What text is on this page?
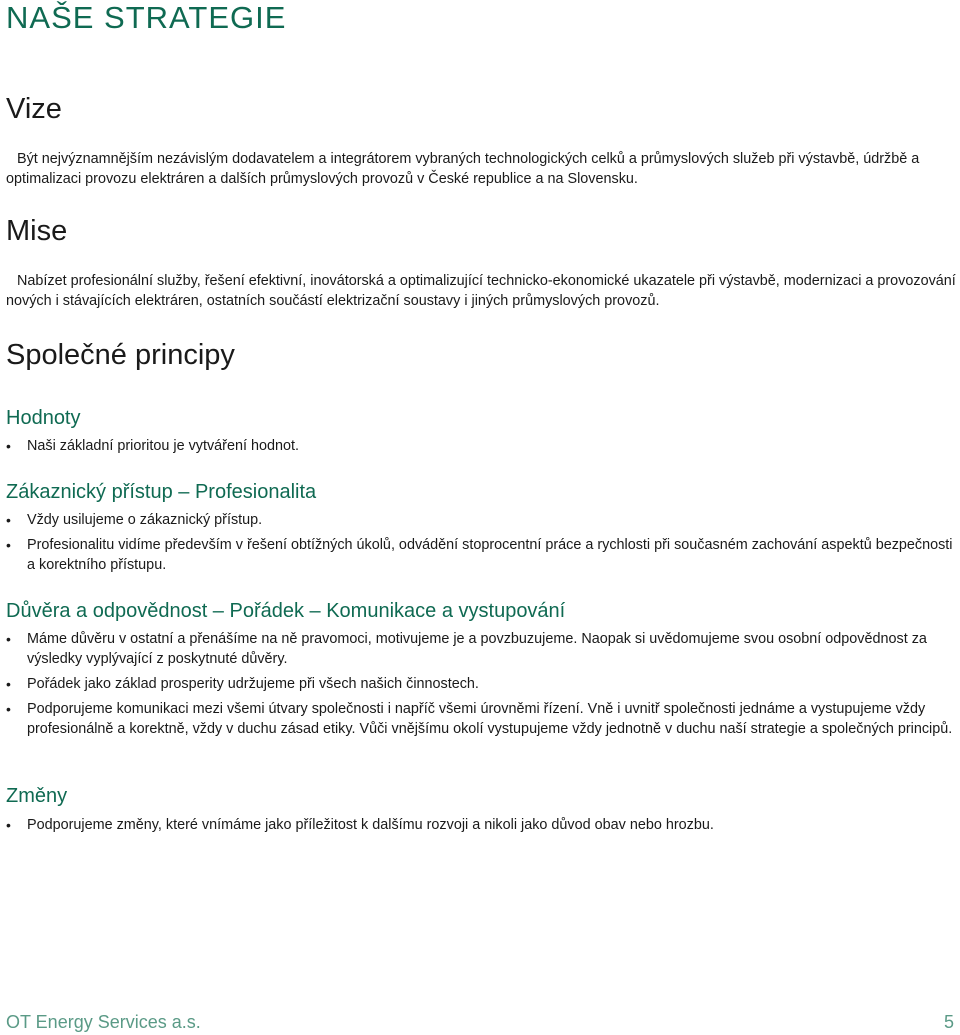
NAŠE STRATEGIE
Vize

Být nejvýznamnějším nezávislým dodavatelem a integrátorem vybraných technologických celků a průmyslových služeb při výstavbě, údržbě a optimalizaci provozu elektráren a dalších průmyslových provozů v České republice a na Slovensku.

Mise

Nabízet profesionální služby, řešení efektivní, inovátorská a optimalizující technicko-ekonomické ukazatele při výstavbě, modernizaci a provozování nových i stávajících elektráren, ostatních součástí elektrizační soustavy i jiných průmyslových provozů.

Společné principy
Hodnoty
• Naši základní prioritou je vytváření hodnot.
Zákaznický přístup – Profesionalita
• Vždy usilujeme o zákaznický přístup.
• Profesionalitu vidíme především v řešení obtížných úkolů, odvádění stoprocentní práce a rychlosti při současném zachování aspektů bezpečnosti a korektního přístupu.
Důvěra a odpovědnost – Pořádek – Komunikace a vystupování
• Máme důvěru v ostatní a přenášíme na ně pravomoci, motivujeme je a povzbuzujeme. Naopak si uvědomujeme svou osobní odpovědnost za výsledky vyplývající z poskytnuté důvěry.
• Pořádek jako základ prosperity udržujeme při všech našich činnostech.
• Podporujeme komunikaci mezi všemi útvary společnosti i napříč všemi úrovněmi řízení. Vně i uvnitř společnosti jednáme a vystupujeme vždy profesionálně a korektně, vždy v duchu zásad etiky. Vůči vnějšímu okolí vystupujeme vždy jednotně v duchu naší strategie a společných principů.
Změny
• Podporujeme změny, které vnímáme jako příležitost k dalšímu rozvoji a nikoli jako důvod obav nebo hrozbu.

OT Energy Services a.s.	5
